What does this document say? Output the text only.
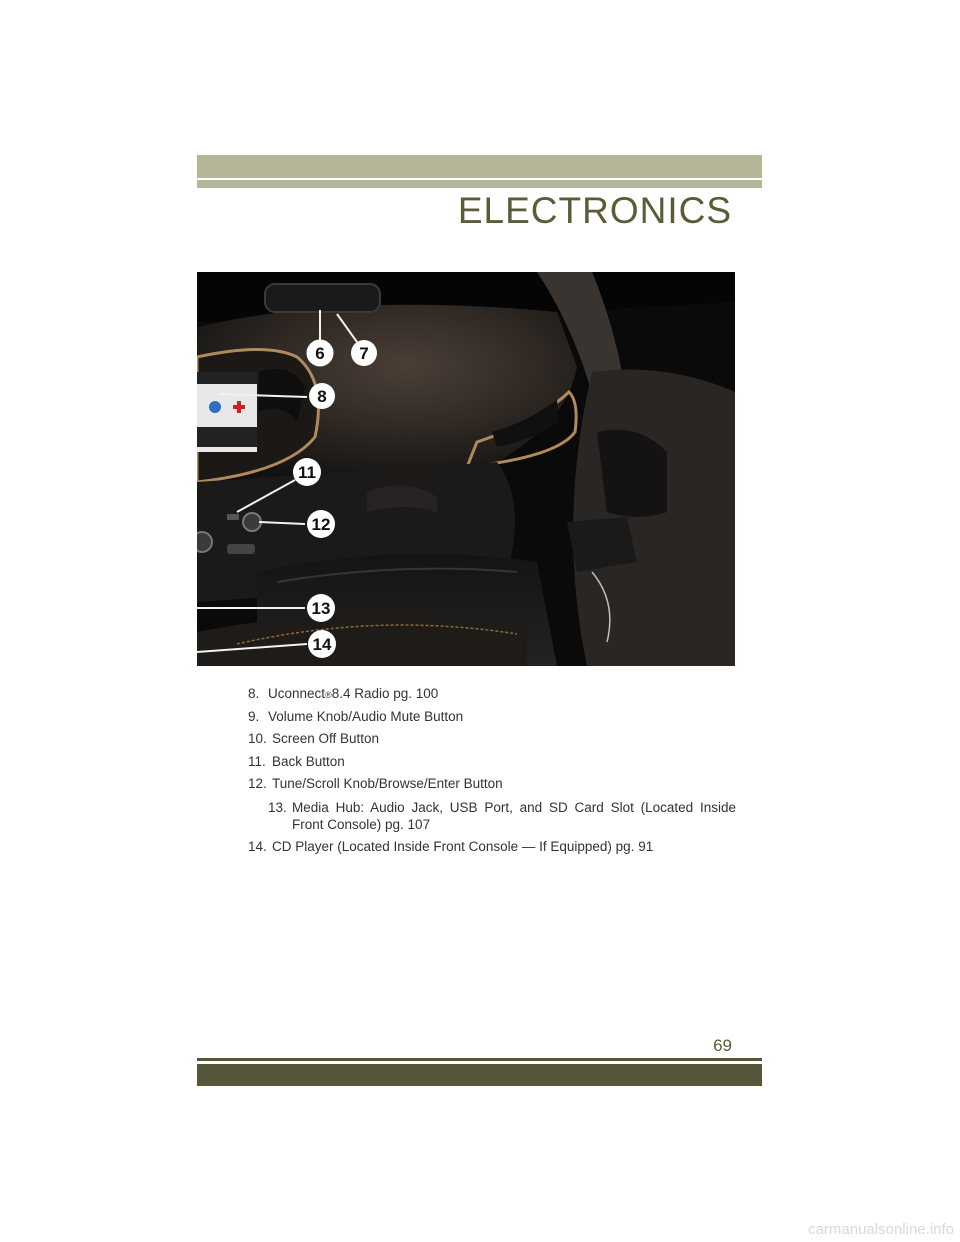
ELECTRONICS
6 7
8
11
12
13
14

8. Uconnect®8.4 Radio pg. 100

9. Volume Knob/Audio Mute Button

10. Screen Off Button

11. Back Button

12. Tune/Scroll Knob/Browse/Enter Button

13. Media Hub: Audio Jack, USB Port, and SD Card Slot (Located Inside Front Console) pg. 107

14. CD Player (Located Inside Front Console — If Equipped) pg. 91

69
carmanualsonline.info
